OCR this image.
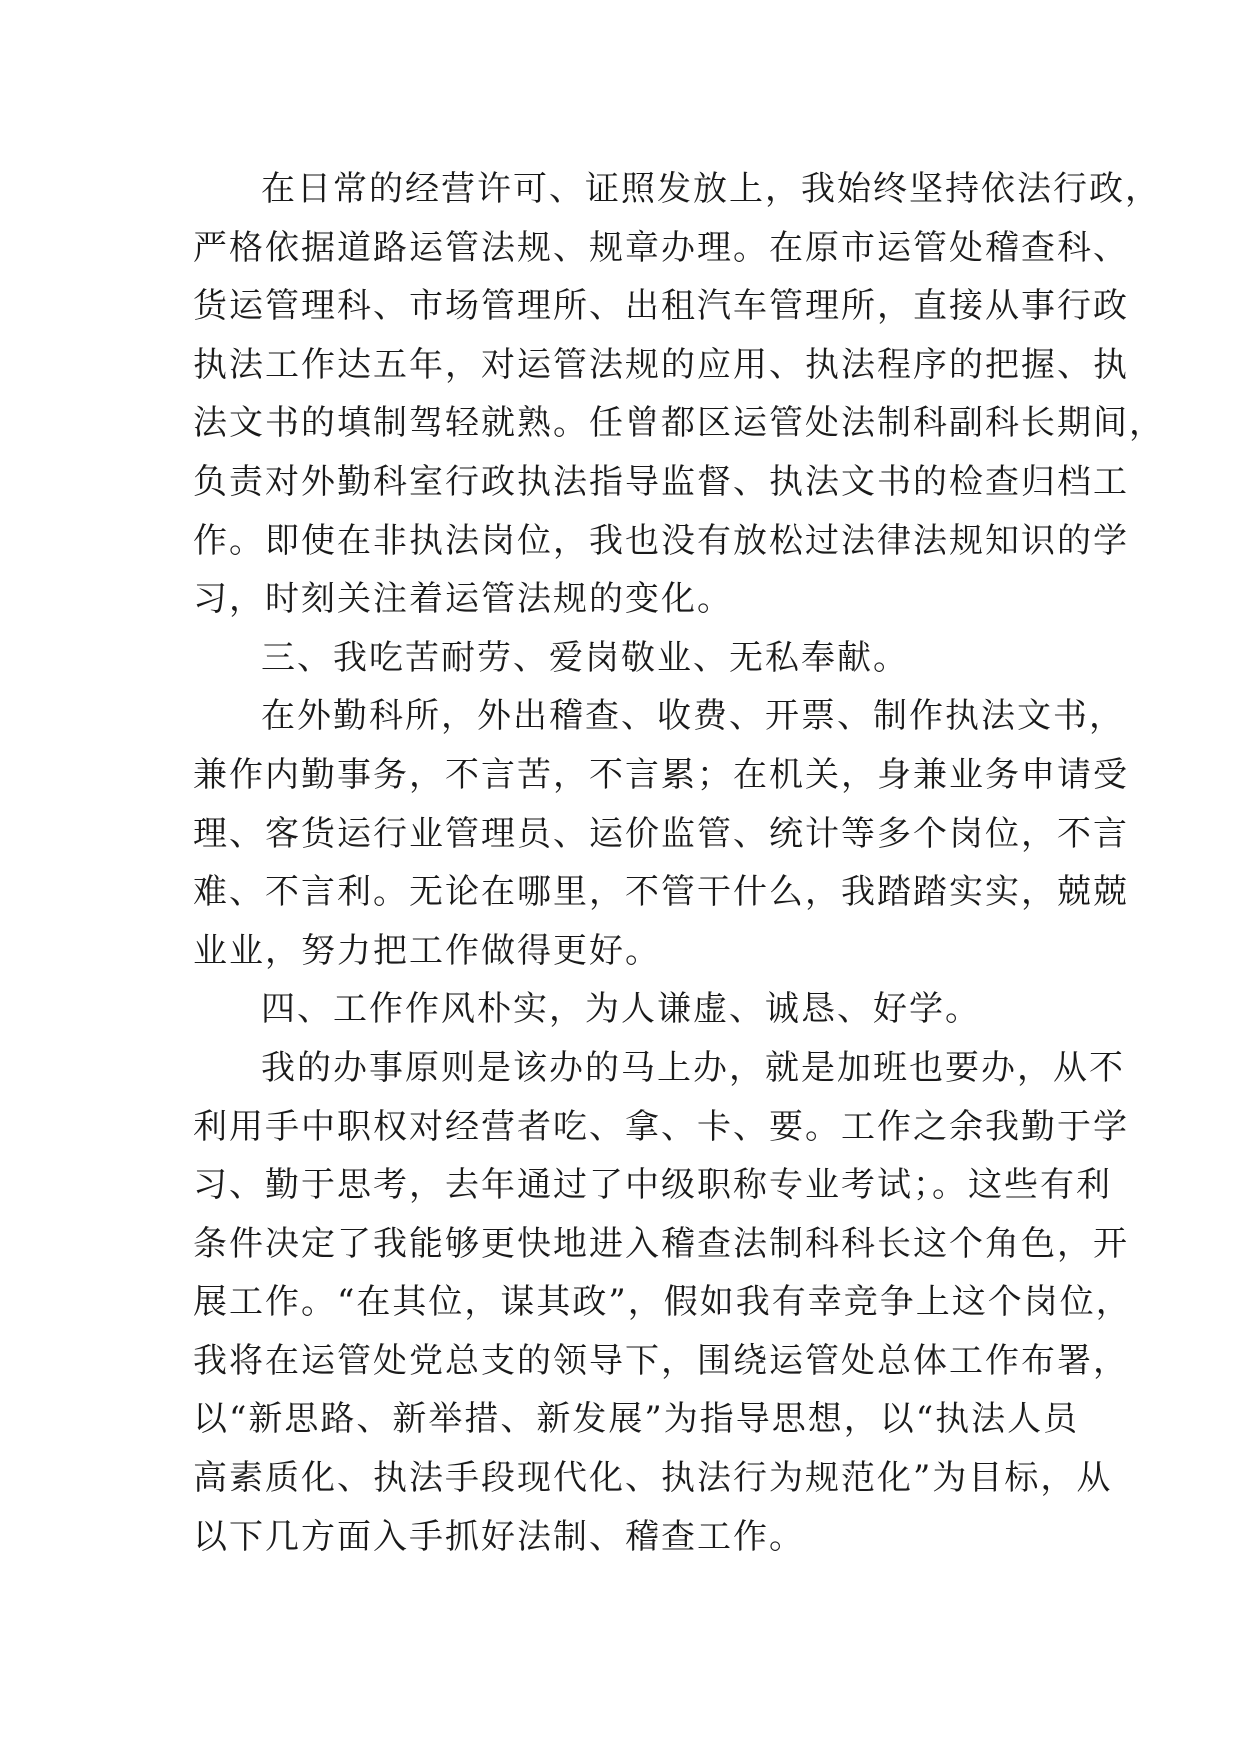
在日常的经营许可、证照发放上，我始终坚持依法行政，
严格依据道路运管法规、规章办理。在原市运管处稽查科、
货运管理科、市场管理所、出租汽车管理所，直接从事行政
执法工作达五年，对运管法规的应用、执法程序的把握、执
法文书的填制驾轻就熟。任曾都区运管处法制科副科长期间，
负责对外勤科室行政执法指导监督、执法文书的检查归档工
作。即使在非执法岗位，我也没有放松过法律法规知识的学
习，时刻关注着运管法规的变化。
三、我吃苦耐劳、爱岗敬业、无私奉献。
在外勤科所，外出稽查、收费、开票、制作执法文书，
兼作内勤事务，不言苦，不言累；在机关，身兼业务申请受
理、客货运行业管理员、运价监管、统计等多个岗位，不言
难、不言利。无论在哪里，不管干什么，我踏踏实实，兢兢
业业，努力把工作做得更好。
四、工作作风朴实，为人谦虚、诚恳、好学。
我的办事原则是该办的马上办，就是加班也要办，从不
利用手中职权对经营者吃、拿、卡、要。工作之余我勤于学
习、勤于思考，去年通过了中级职称专业考试；。这些有利
条件决定了我能够更快地进入稽查法制科科长这个角色，开
展工作。“在其位，谋其政”，假如我有幸竞争上这个岗位，
我将在运管处党总支的领导下，围绕运管处总体工作布署，
以“新思路、新举措、新发展”为指导思想，以“执法人员
高素质化、执法手段现代化、执法行为规范化”为目标，从
以下几方面入手抓好法制、稽查工作。
